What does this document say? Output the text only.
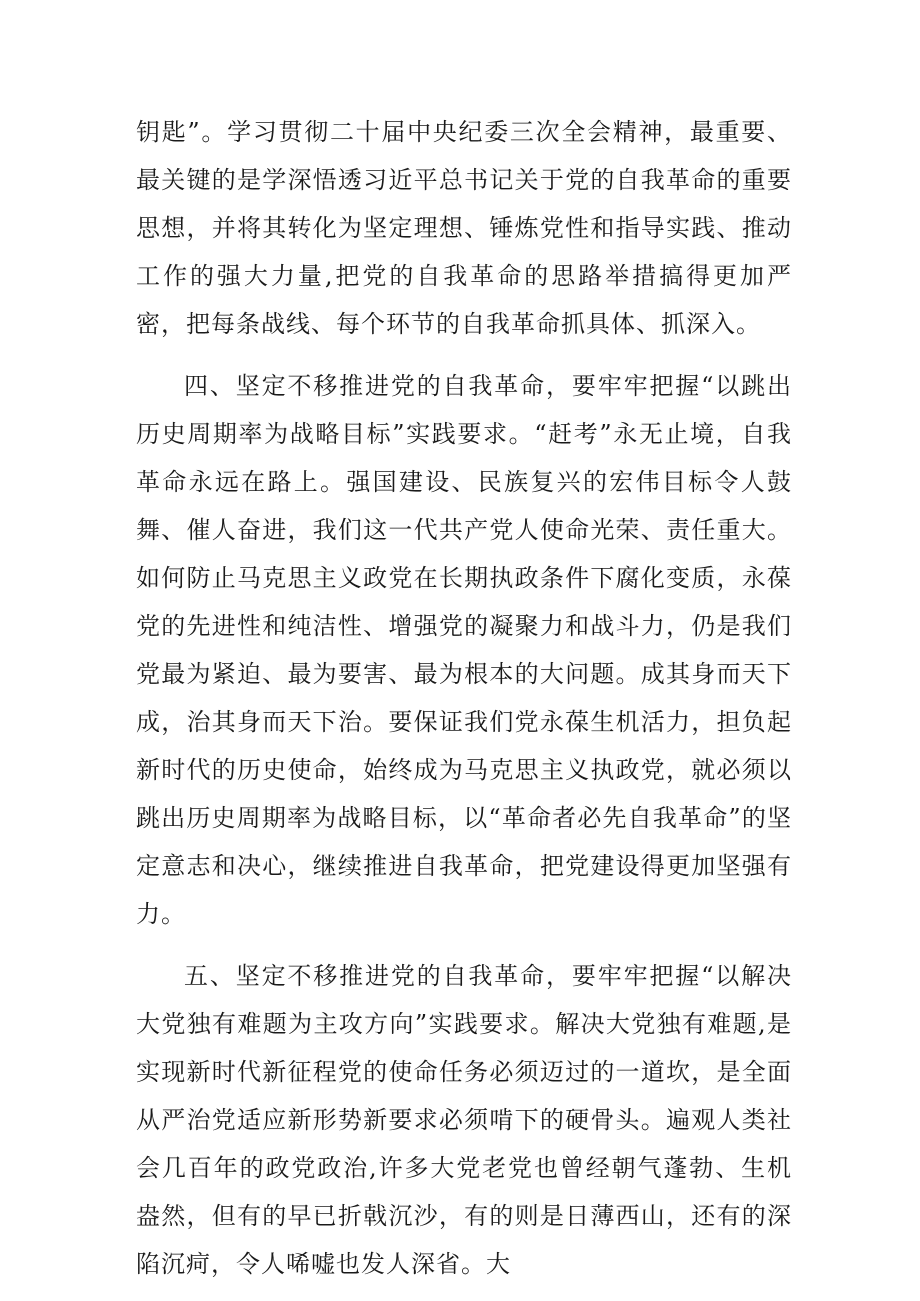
钥匙”。学习贯彻二十届中央纪委三次全会精神，最重要、最关键的是学深悟透习近平总书记关于党的自我革命的重要思想，并将其转化为坚定理想、锤炼党性和指导实践、推动工作的强大力量,把党的自我革命的思路举措搞得更加严密，把每条战线、每个环节的自我革命抓具体、抓深入。

四、坚定不移推进党的自我革命，要牢牢把握“以跳出历史周期率为战略目标”实践要求。“赶考”永无止境，自我革命永远在路上。强国建设、民族复兴的宏伟目标令人鼓舞、催人奋进，我们这一代共产党人使命光荣、责任重大。如何防止马克思主义政党在长期执政条件下腐化变质，永葆党的先进性和纯洁性、增强党的凝聚力和战斗力，仍是我们党最为紧迫、最为要害、最为根本的大问题。成其身而天下成，治其身而天下治。要保证我们党永葆生机活力，担负起新时代的历史使命，始终成为马克思主义执政党，就必须以跳出历史周期率为战略目标，以“革命者必先自我革命”的坚定意志和决心，继续推进自我革命，把党建设得更加坚强有力。

五、坚定不移推进党的自我革命，要牢牢把握“以解决大党独有难题为主攻方向”实践要求。解决大党独有难题,是实现新时代新征程党的使命任务必须迈过的一道坎，是全面从严治党适应新形势新要求必须啃下的硬骨头。遍观人类社会几百年的政党政治,许多大党老党也曾经朝气蓬勃、生机盎然，但有的早已折戟沉沙，有的则是日薄西山，还有的深陷沉疴，令人唏嘘也发人深省。大
